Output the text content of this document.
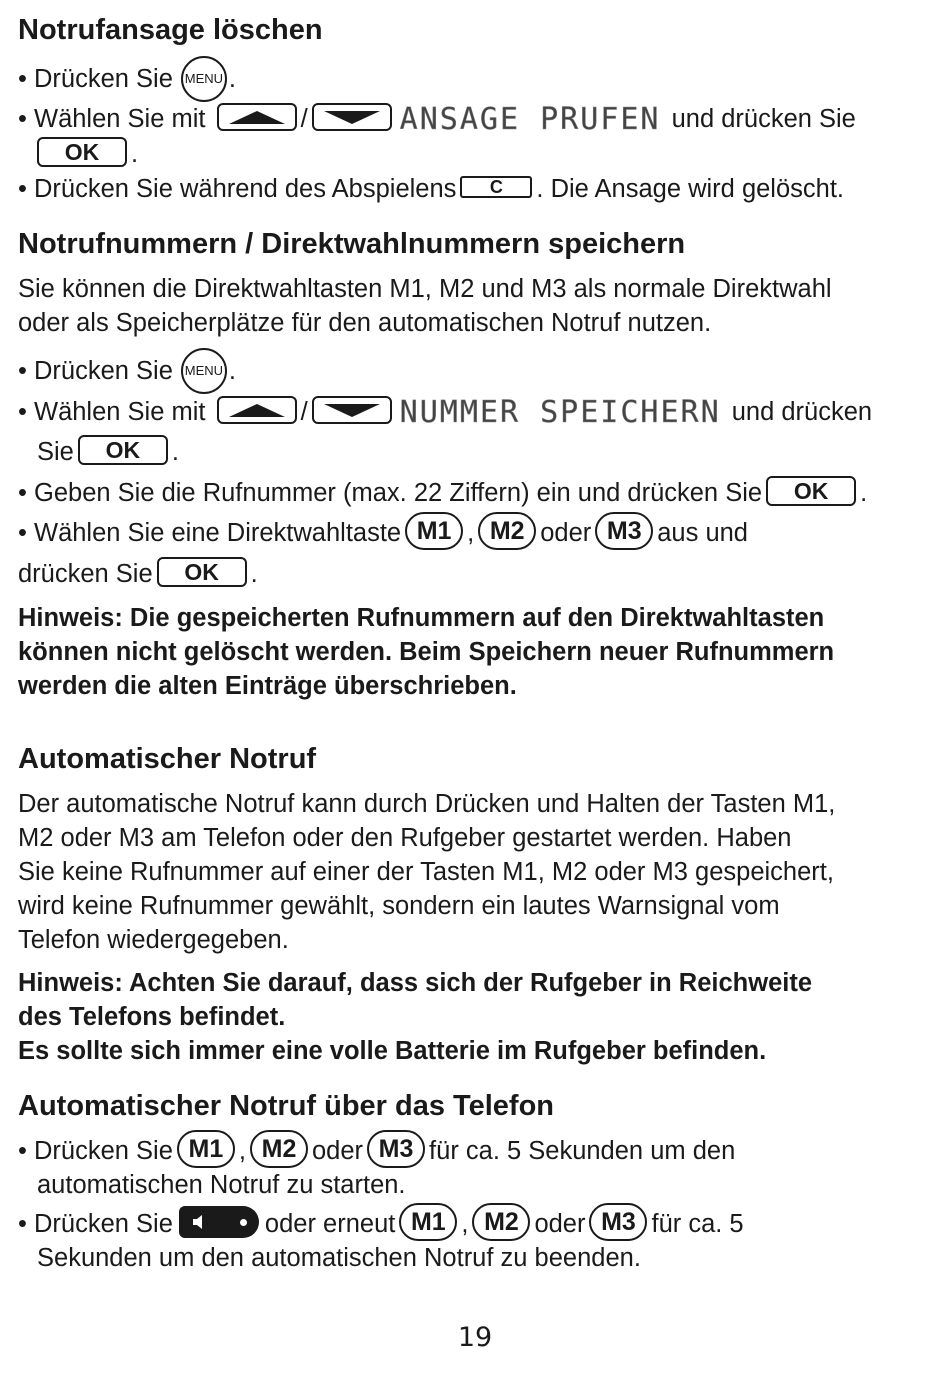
Notrufansage löschen
• Drücken Sie MENU .
• Wählen Sie mit	/	ANSAGE PRUFEN und drücken Sie
OK .
• Drücken Sie während des Abspielens C . Die Ansage wird gelöscht.
Notrufnummern / Direktwahlnummern speichern
Sie können die Direktwahltasten M1, M2 und M3 als normale Direktwahl
oder als Speicherplätze für den automatischen Notruf nutzen.
• Drücken Sie MENU .
• Wählen Sie mit	/	NUMMER SPEICHERN und drücken
Sie OK .
• Geben Sie die Rufnummer (max. 22 Ziffern) ein und drücken Sie OK .
• Wählen Sie eine Direktwahltaste M1 , M2 oder M3 aus und
drücken Sie OK .
Hinweis: Die gespeicherten Rufnummern auf den Direktwahltasten
können nicht gelöscht werden. Beim Speichern neuer Rufnummern
werden die alten Einträge überschrieben.
Automatischer Notruf
Der automatische Notruf kann durch Drücken und Halten der Tasten M1,
M2 oder M3 am Telefon oder den Rufgeber gestartet werden. Haben
Sie keine Rufnummer auf einer der Tasten M1, M2 oder M3 gespeichert,
wird keine Rufnummer gewählt, sondern ein lautes Warnsignal vom
Telefon wiedergegeben.
Hinweis: Achten Sie darauf, dass sich der Rufgeber in Reichweite
des Telefons befindet.
Es sollte sich immer eine volle Batterie im Rufgeber befinden.
Automatischer Notruf über das Telefon
• Drücken Sie M1 , M2 oder M3 für ca. 5 Sekunden um den
automatischen Notruf zu starten.
• Drücken Sie	oder erneut M1 , M2 oder M3 für ca. 5
Sekunden um den automatischen Notruf zu beenden.
19
